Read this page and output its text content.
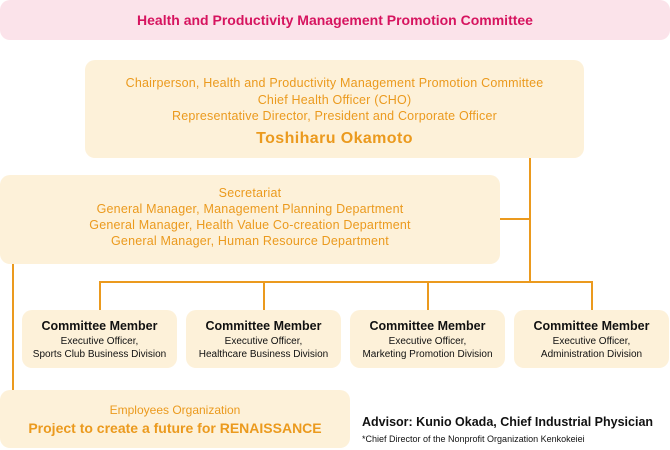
Health and Productivity Management Promotion Committee
Chairperson, Health and Productivity Management Promotion Committee
Chief Health Officer (CHO)
Representative Director, President and Corporate Officer
Toshiharu Okamoto
Secretariat
General Manager, Management Planning Department
General Manager, Health Value Co-creation Department
General Manager, Human Resource Department
Committee Member
Executive Officer,
Sports Club Business Division
Committee Member
Executive Officer,
Healthcare Business Division
Committee Member
Executive Officer,
Marketing Promotion Division
Committee Member
Executive Officer,
Administration Division
Employees Organization
Project to create a future for RENAISSANCE	Advisor: Kunio Okada, Chief Industrial Physician
*Chief Director of the Nonprofit Organization Kenkokeiei
